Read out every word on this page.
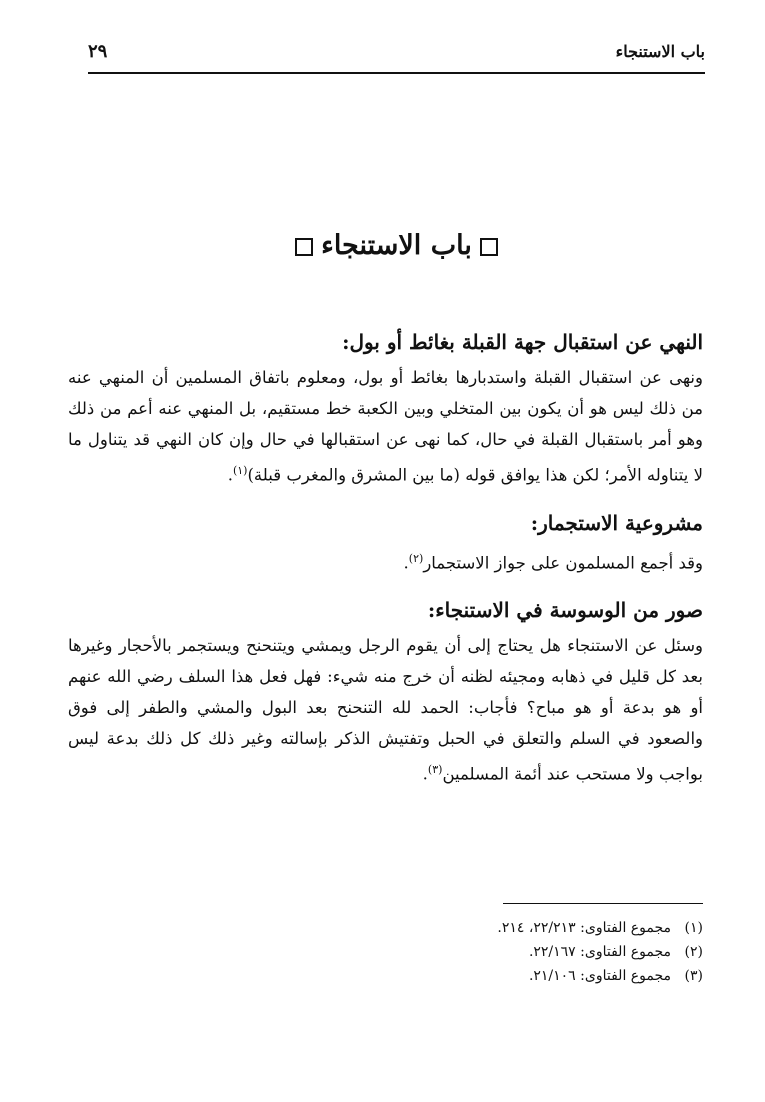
باب الاستنجاء
٢٩
باب الاستنجاء
النهي عن استقبال جهة القبلة بغائط أو بول:

ونهى عن استقبال القبلة واستدبارها بغائط أو بول، ومعلوم باتفاق المسلمين أن المنهي عنه من ذلك ليس هو أن يكون بين المتخلي وبين الكعبة خط مستقيم، بل المنهي عنه أعم من ذلك وهو أمر باستقبال القبلة في حال، كما نهى عن استقبالها في حال وإن كان النهي قد يتناول ما لا يتناوله الأمر؛ لكن هذا يوافق قوله (ما بين المشرق والمغرب قبلة)$^{(١)}$.

مشروعية الاستجمار:

وقد أجمع المسلمون على جواز الاستجمار$^{(٢)}$.

صور من الوسوسة في الاستنجاء:

وسئل عن الاستنجاء هل يحتاج إلى أن يقوم الرجل ويمشي ويتنحنح ويستجمر بالأحجار وغيرها بعد كل قليل في ذهابه ومجيئه لظنه أن خرج منه شيء: فهل فعل هذا السلف رضي الله عنهم أو هو بدعة أو هو مباح؟ فأجاب: الحمد لله التنحنح بعد البول والمشي والطفر إلى فوق والصعود في السلم والتعلق في الحبل وتفتيش الذكر بإسالته وغير ذلك كل ذلك بدعة ليس بواجب ولا مستحب عند أئمة المسلمين$^{(٣)}$.

(١)مجموع الفتاوى: ٢٢/٢١٣، ٢١٤.

(٢)مجموع الفتاوى: ٢٢/١٦٧.

(٣)مجموع الفتاوى: ٢١/١٠٦.
